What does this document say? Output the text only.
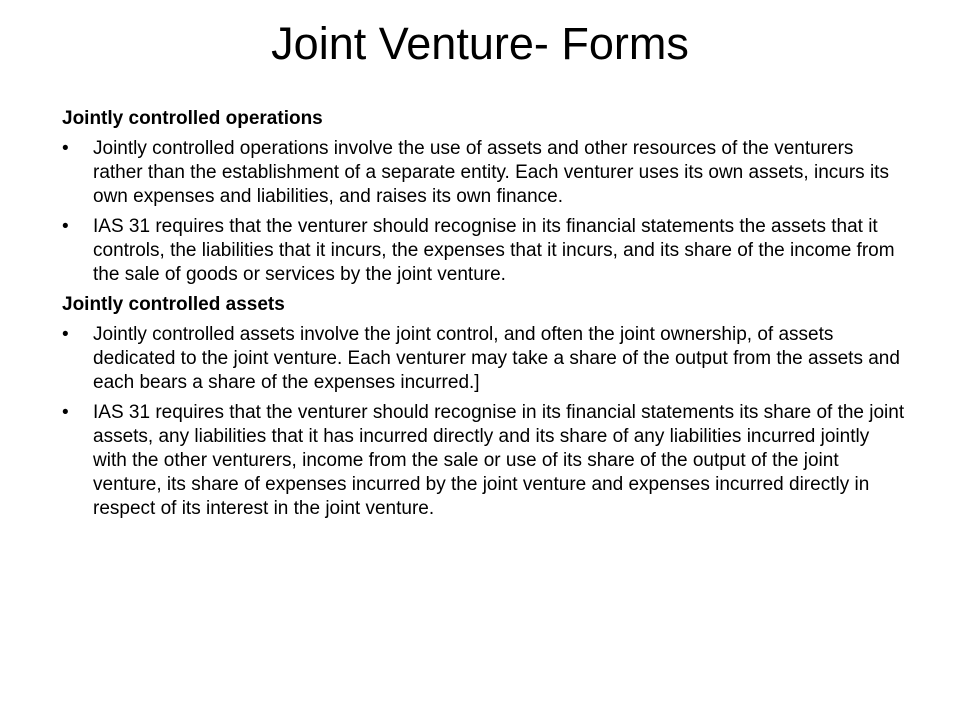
Joint Venture- Forms
Jointly controlled operations
• Jointly controlled operations involve the use of assets and other resources of the venturers rather than the establishment of a separate entity. Each venturer uses its own assets, incurs its own expenses and liabilities, and raises its own finance.
• IAS 31 requires that the venturer should recognise in its financial statements the assets that it controls, the liabilities that it incurs, the expenses that it incurs, and its share of the income from the sale of goods or services by the joint venture.
Jointly controlled assets
• Jointly controlled assets involve the joint control, and often the joint ownership, of assets dedicated to the joint venture. Each venturer may take a share of the output from the assets and each bears a share of the expenses incurred.]
• IAS 31 requires that the venturer should recognise in its financial statements its share of the joint assets, any liabilities that it has incurred directly and its share of any liabilities incurred jointly with the other venturers, income from the sale or use of its share of the output of the joint venture, its share of expenses incurred by the joint venture and expenses incurred directly in respect of its interest in the joint venture.
